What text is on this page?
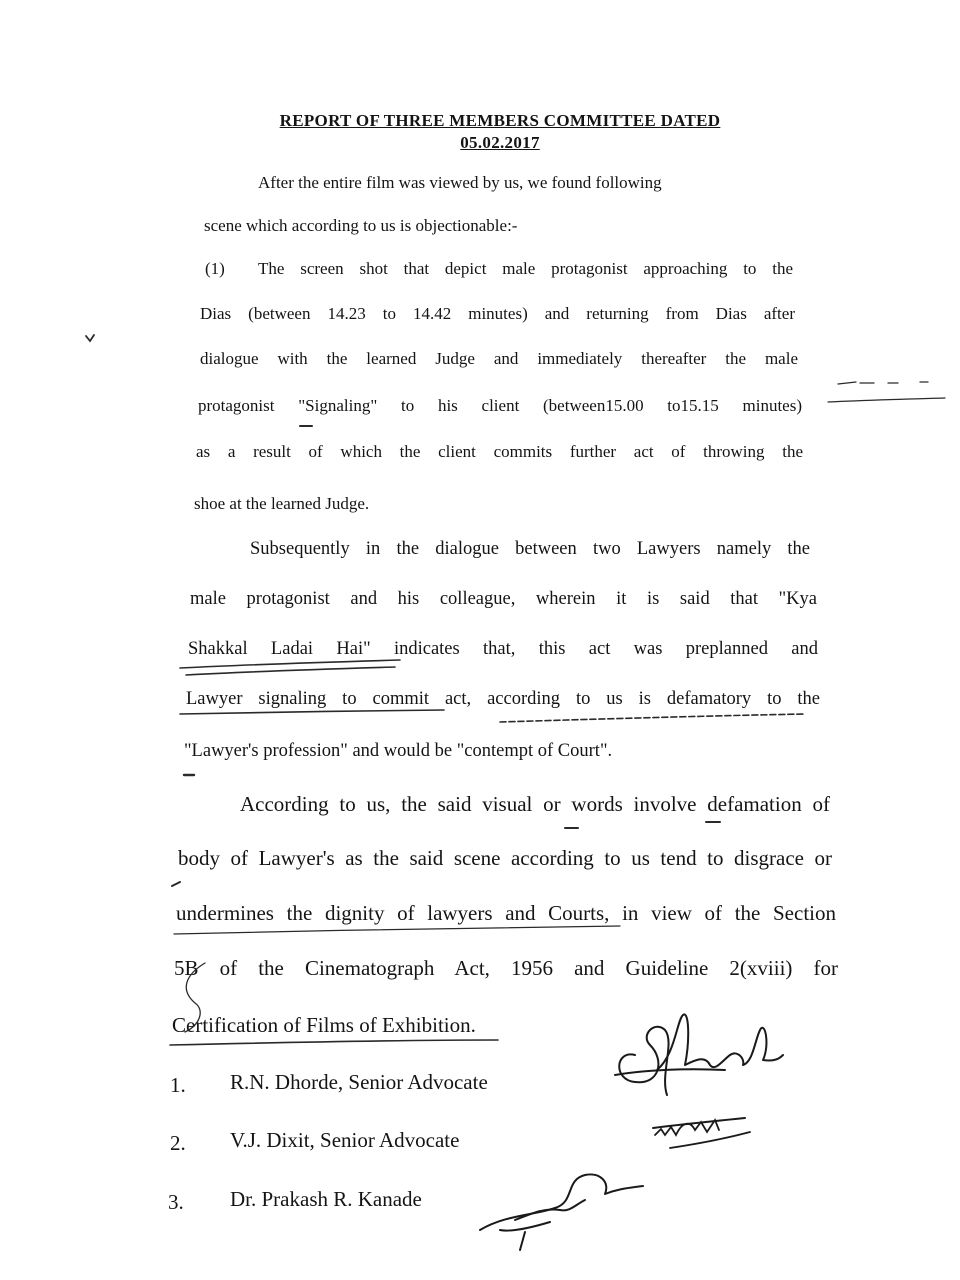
REPORT OF THREE MEMBERS COMMITTEE DATED
05.02.2017
After the entire film was viewed by us, we found following
scene which according to us is objectionable:-
(1) The screen shot that depict male protagonist approaching to the
Dias (between 14.23 to 14.42 minutes) and returning from Dias after
dialogue with the learned Judge and immediately thereafter the male
protagonist "Signaling" to his client (between15.00 to15.15 minutes)
as a result of which the client commits further act of throwing the
shoe at the learned Judge.
Subsequently in the dialogue between two Lawyers namely the
male protagonist and his colleague, wherein it is said that "Kya
Shakkal Ladai Hai" indicates that, this act was preplanned and
Lawyer signaling to commit act, according to us is defamatory to the
"Lawyer's profession" and would be "contempt of Court".
According to us, the said visual or words involve defamation of
body of Lawyer's as the said scene according to us tend to disgrace or
undermines the dignity of lawyers and Courts, in view of the Section
5B of the Cinematograph Act, 1956 and Guideline 2(xviii) for
Certification of Films of Exhibition.
1. R.N. Dhorde, Senior Advocate
2. V.J. Dixit, Senior Advocate
3. Dr. Prakash R. Kanade
